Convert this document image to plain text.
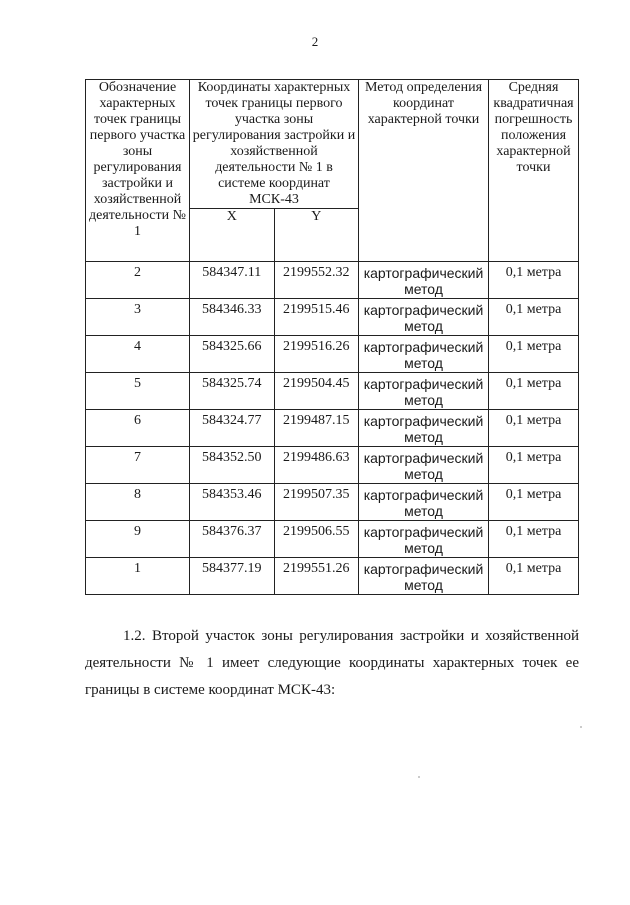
2
Обозначение характерных точек границы первого участка зоны регулирования застройки и хозяйственной деятельности № 1	Координаты характерных точек границы первого участка зоны регулирования застройки и хозяйственной деятельности № 1 в системе координат МСК-43		Метод определения координат характерной точки	Средняя квадратичная погрешность положения характерной точки
	X	Y		
2	584347.11	2199552.32	картографический метод	0,1 метра
3	584346.33	2199515.46	картографический метод	0,1 метра
4	584325.66	2199516.26	картографический метод	0,1 метра
5	584325.74	2199504.45	картографический метод	0,1 метра
6	584324.77	2199487.15	картографический метод	0,1 метра
7	584352.50	2199486.63	картографический метод	0,1 метра
8	584353.46	2199507.35	картографический метод	0,1 метра
9	584376.37	2199506.55	картографический метод	0,1 метра
1	584377.19	2199551.26	картографический метод	0,1 метра
1.2. Второй участок зоны регулирования застройки и хозяйственной деятельности № 1 имеет следующие координаты характерных точек ее границы в системе координат МСК-43:
